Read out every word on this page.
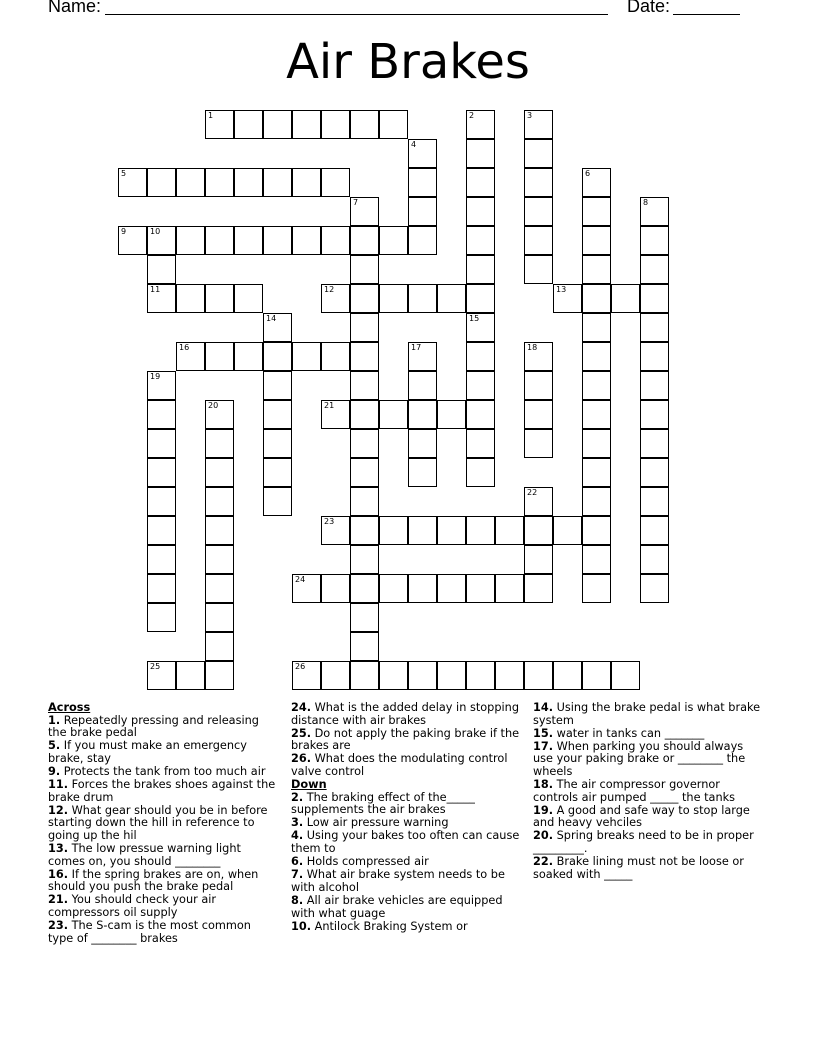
Name:	Date:
Air Brakes
1	2	3
4
5	6
7	8
9	10
11	12	13
14	15
16	17	18
19
20	21
22
23
24
25	26
Across
1. Repeatedly pressing and releasing the brake pedal
5. If you must make an emergency brake, stay
9. Protects the tank from too much air
11. Forces the brakes shoes against the brake drum
12. What gear should you be in before starting down the hill in reference to going up the hil
13. The low pressue warning light comes on, you should ________
16. If the spring brakes are on, when should you push the brake pedal
21. You should check your air compressors oil supply
23. The S-cam is the most common type of ________ brakes
24. What is the added delay in stopping distance with air brakes
25. Do not apply the paking brake if the brakes are
26. What does the modulating control valve control
Down
2. The braking effect of the_____ supplements the air brakes
3. Low air pressure warning
4. Using your bakes too often can cause them to
6. Holds compressed air
7. What air brake system needs to be with alcohol
8. All air brake vehicles are equipped with what guage
10. Antilock Braking System or
14. Using the brake pedal is what brake system
15. water in tanks can _______
17. When parking you should always use your paking brake or ________ the wheels
18. The air compressor governor controls air pumped _____ the tanks
19. A good and safe way to stop large and heavy vehciles
20. Spring breaks need to be in proper _________.
22. Brake lining must not be loose or soaked with _____
